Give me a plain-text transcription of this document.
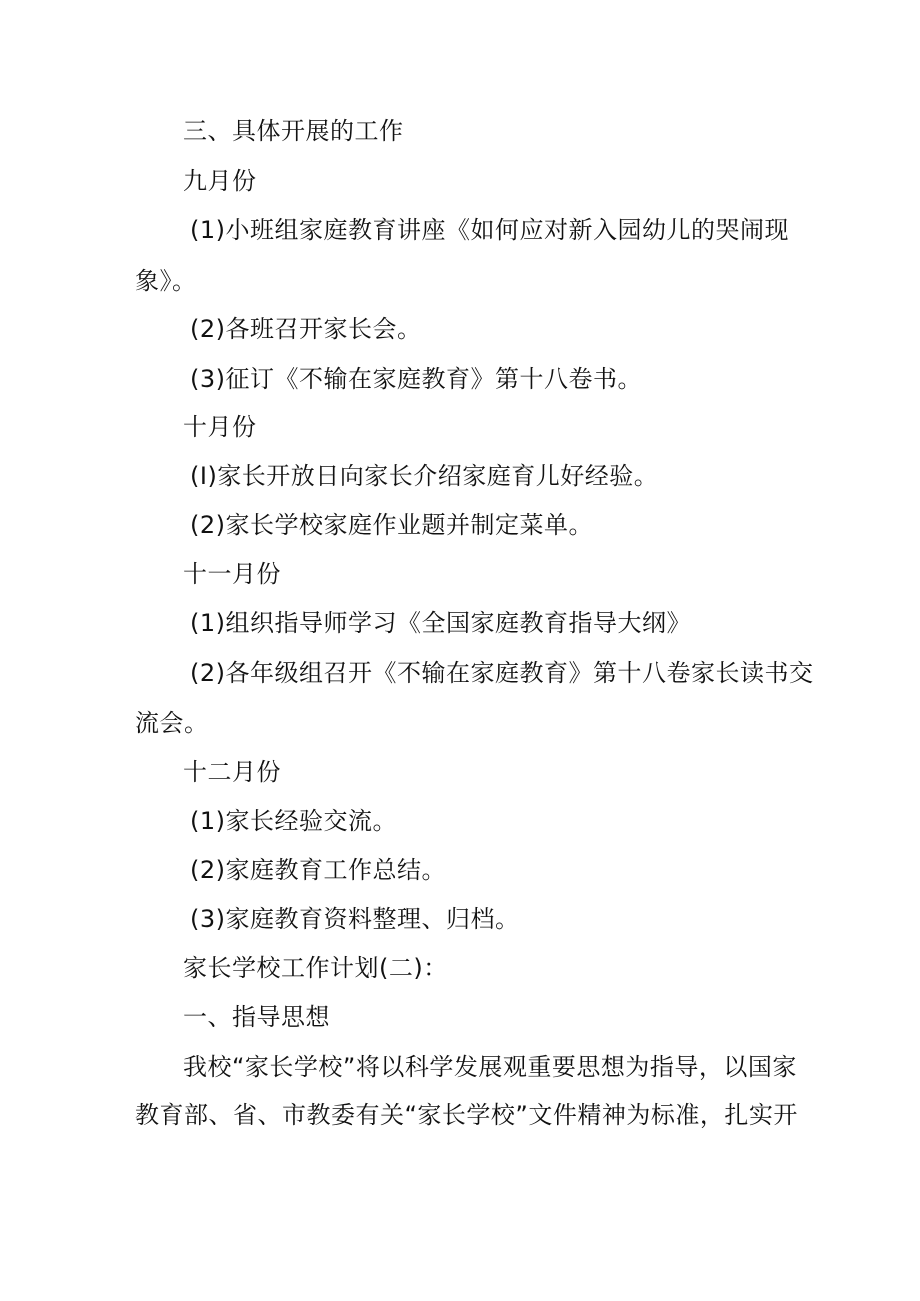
三、具体开展的工作
九月份
(1)小班组家庭教育讲座《如何应对新入园幼儿的哭闹现
象》。
(2)各班召开家长会。
(3)征订《不输在家庭教育》第十八卷书。
十月份
(I)家长开放日向家长介绍家庭育儿好经验。
(2)家长学校家庭作业题并制定菜单。
十一月份
(1)组织指导师学习《全国家庭教育指导大纲》
(2)各年级组召开《不输在家庭教育》第十八卷家长读书交
流会。
十二月份
(1)家长经验交流。
(2)家庭教育工作总结。
(3)家庭教育资料整理、归档。
家长学校工作计划(二)：
一、指导思想
我校“家长学校”将以科学发展观重要思想为指导，以国家
教育部、省、市教委有关“家长学校”文件精神为标准，扎实开
